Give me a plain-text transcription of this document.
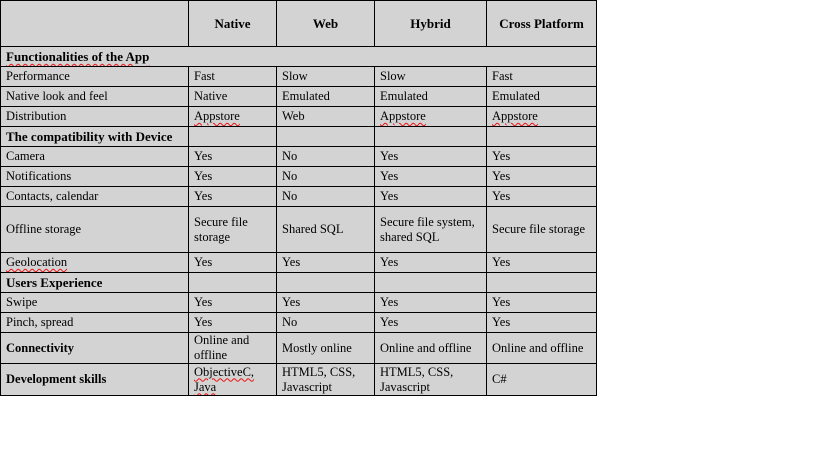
	Native	Web	Hybrid	Cross Platform
Functionalities of the App				
Performance	Fast	Slow	Slow	Fast
Native look and feel	Native	Emulated	Emulated	Emulated
Distribution	Appstore	Web	Appstore	Appstore
The compatibility with Device				
Camera	Yes	No	Yes	Yes
Notifications	Yes	No	Yes	Yes
Contacts, calendar	Yes	No	Yes	Yes
Offline storage	Secure file storage	Shared SQL	Secure file system, shared SQL	Secure file storage
Geolocation	Yes	Yes	Yes	Yes
Users Experience				
Swipe	Yes	Yes	Yes	Yes
Pinch, spread	Yes	No	Yes	Yes
Connectivity	Online and offline	Mostly online	Online and offline	Online and offline
Development skills	ObjectiveC, Java	HTML5, CSS, Javascript	HTML5, CSS, Javascript	C#
